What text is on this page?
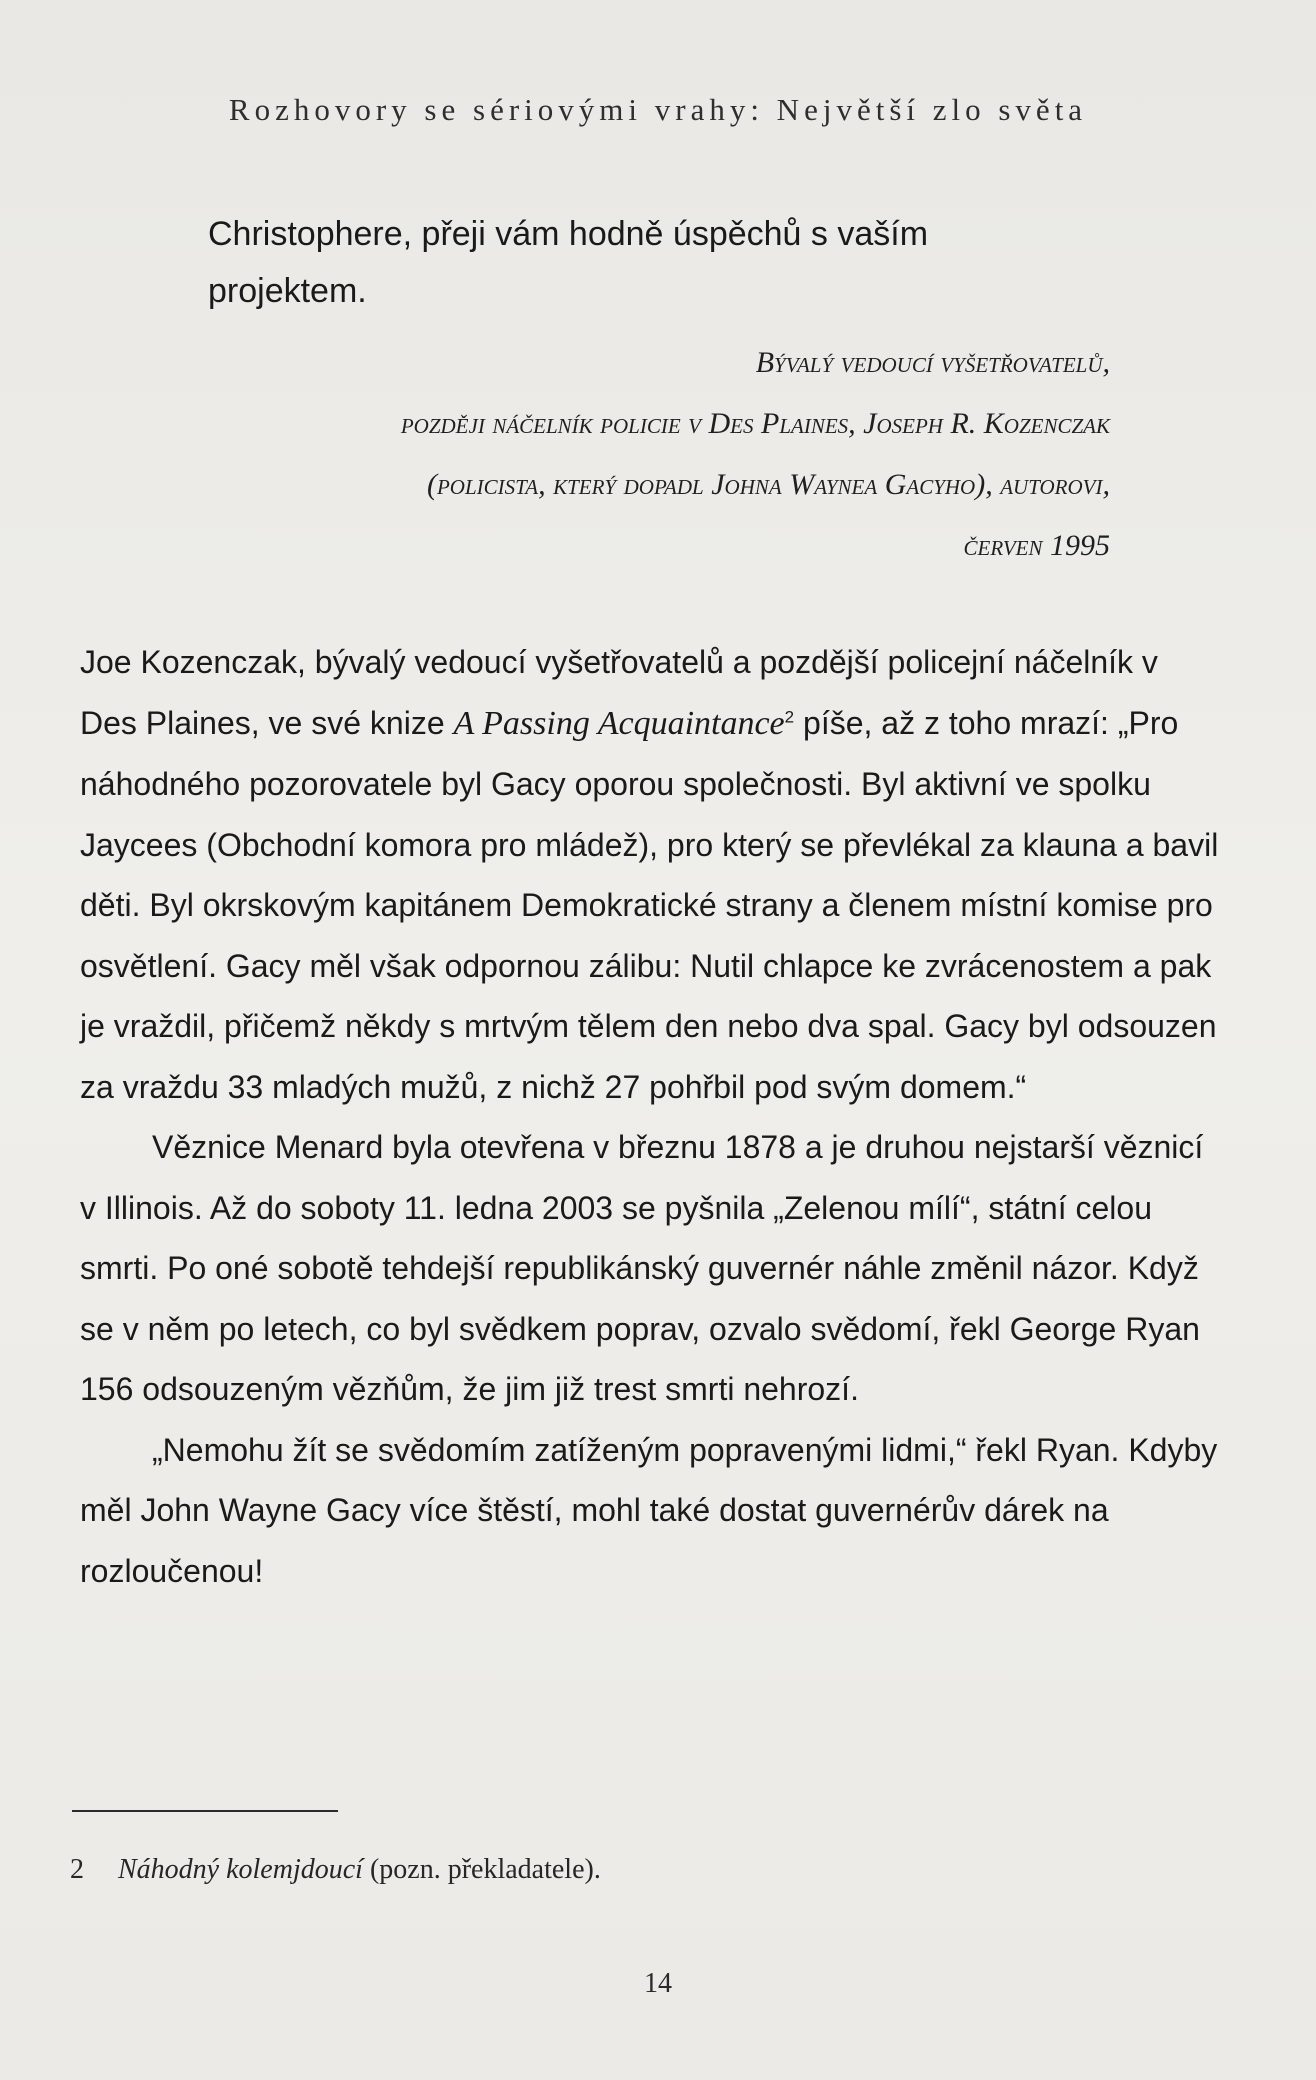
Rozhovory se sériovými vrahy: Největší zlo světa
Christophere, přeji vám hodně úspěchů s vaším
projektem.
Bývalý vedoucí vyšetřovatelů,
později náčelník policie v Des Plaines, Joseph R. Kozenczak
(policista, který dopadl Johna Waynea Gacyho), autorovi,
červen 1995

Joe Kozenczak, bývalý vedoucí vyšetřovatelů a pozdější policejní náčelník v Des Plaines, ve své knize A Passing Acquaintance$^2$ píše, až z toho mrazí: „Pro náhodného pozorovatele byl Gacy oporou společnosti. Byl aktivní ve spolku Jaycees (Obchodní komora pro mládež), pro který se převlékal za klauna a bavil děti. Byl okrskovým kapitánem Demokratické strany a členem místní komise pro osvětlení. Gacy měl však odpornou zálibu: Nutil chlapce ke zvrácenostem a pak je vraždil, přičemž někdy s mrtvým tělem den nebo dva spal. Gacy byl odsouzen za vraždu 33 mladých mužů, z nichž 27 pohřbil pod svým domem.“

Věznice Menard byla otevřena v březnu 1878 a je druhou nejstarší věznicí v Illinois. Až do soboty 11. ledna 2003 se pyšnila „Zelenou mílí“, státní celou smrti. Po oné sobotě tehdejší republikánský guvernér náhle změnil názor. Když se v něm po letech, co byl svědkem poprav, ozvalo svědomí, řekl George Ryan 156 odsouzeným vězňům, že jim již trest smrti nehrozí.

„Nemohu žít se svědomím zatíženým popravenými lidmi,“ řekl Ryan. Kdyby měl John Wayne Gacy více štěstí, mohl také dostat guvernérův dárek na rozloučenou!

2 Náhodný kolemjdoucí (pozn. překladatele).
14
